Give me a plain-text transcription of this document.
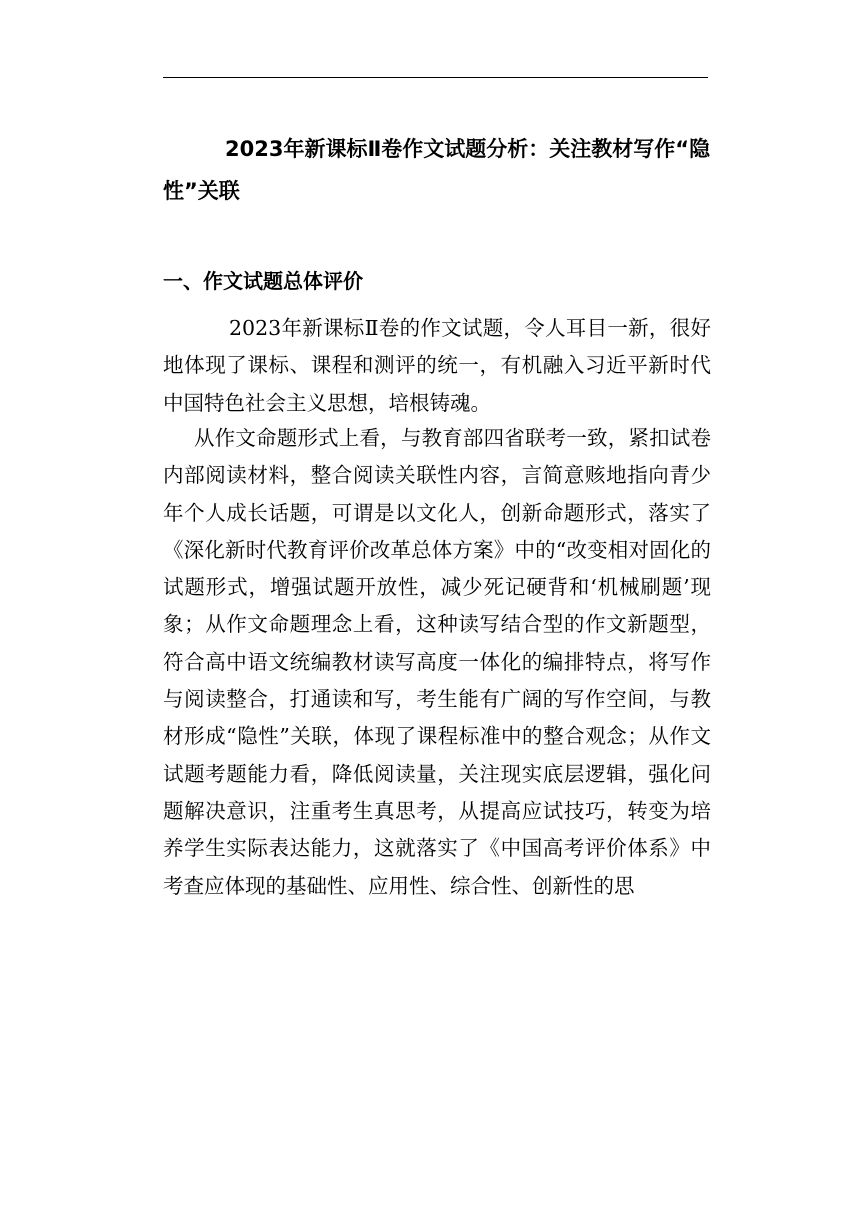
2023年新课标Ⅱ卷作文试题分析：关注教材写作“隐性”关联
一、作文试题总体评价

2023年新课标Ⅱ卷的作文试题，令人耳目一新，很好地体现了课标、课程和测评的统一，有机融入习近平新时代中国特色社会主义思想，培根铸魂。

从作文命题形式上看，与教育部四省联考一致，紧扣试卷内部阅读材料，整合阅读关联性内容，言简意赅地指向青少年个人成长话题，可谓是以文化人，创新命题形式，落实了《深化新时代教育评价改革总体方案》中的“改变相对固化的试题形式，增强试题开放性，减少死记硬背和‘机械刷题’现象；从作文命题理念上看，这种读写结合型的作文新题型，符合高中语文统编教材读写高度一体化的编排特点，将写作与阅读整合，打通读和写，考生能有广阔的写作空间，与教材形成“隐性”关联，体现了课程标准中的整合观念；从作文试题考题能力看，降低阅读量，关注现实底层逻辑，强化问题解决意识，注重考生真思考，从提高应试技巧，转变为培养学生实际表达能力，这就落实了《中国高考评价体系》中考查应体现的基础性、应用性、综合性、创新性的思
